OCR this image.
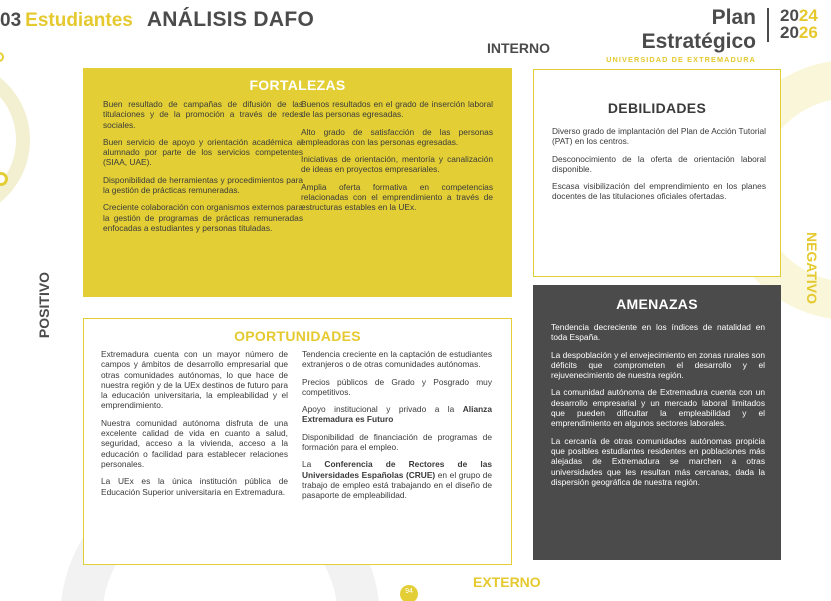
03 Estudiantes ANÁLISIS DAFO	Plan Estratégico
UNIVERSIDAD DE EXTREMADURA
2024
2026
INTERNO
EXTERNO
POSITIVO
NEGATIVO
FORTALEZAS

Buen resultado de campañas de difusión de las titulaciones y de la promoción a través de redes sociales.

Buen servicio de apoyo y orientación académica al alumnado por parte de los servicios competentes (SIAA, UAE).

Disponibilidad de herramientas y procedimientos para la gestión de prácticas remuneradas.

Creciente colaboración con organismos externos para la gestión de programas de prácticas remuneradas enfocadas a estudiantes y personas tituladas.

Buenos resultados en el grado de inserción laboral de las personas egresadas.

Alto grado de satisfacción de las personas empleadoras con las personas egresadas.

Iniciativas de orientación, mentoría y canalización de ideas en proyectos empresariales.

Amplia oferta formativa en competencias relacionadas con el emprendimiento a través de estructuras estables en la UEx.

DEBILIDADES

Diverso grado de implantación del Plan de Acción Tutorial (PAT) en los centros.

Desconocimiento de la oferta de orientación laboral disponible.

Escasa visibilización del emprendimiento en los planes docentes de las titulaciones oficiales ofertadas.

OPORTUNIDADES

Extremadura cuenta con un mayor número de campos y ámbitos de desarrollo empresarial que otras comunidades autónomas, lo que hace de nuestra región y de la UEx destinos de futuro para la educación universitaria, la empleabilidad y el emprendimiento.

Nuestra comunidad autónoma disfruta de una excelente calidad de vida en cuanto a salud, seguridad, acceso a la vivienda, acceso a la educación o facilidad para establecer relaciones personales.

La UEx es la única institución pública de Educación Superior universitaria en Extremadura.

Tendencia creciente en la captación de estudiantes extranjeros o de otras comunidades autónomas.

Precios públicos de Grado y Posgrado muy competitivos.

Apoyo institucional y privado a la Alianza Extremadura es Futuro

Disponibilidad de financiación de programas de formación para el empleo.

La Conferencia de Rectores de las Universidades Españolas (CRUE) en el grupo de trabajo de empleo está trabajando en el diseño de pasaporte de empleabilidad.

AMENAZAS

Tendencia decreciente en los índices de natalidad en toda España.

La despoblación y el envejecimiento en zonas rurales son déficits que comprometen el desarrollo y el rejuvenecimiento de nuestra región.

La comunidad autónoma de Extremadura cuenta con un desarrollo empresarial y un mercado laboral limitados que pueden dificultar la empleabilidad y el emprendimiento en algunos sectores laborales.

La cercanía de otras comunidades autónomas propicia que posibles estudiantes residentes en poblaciones más alejadas de Extremadura se marchen a otras universidades que les resultan más cercanas, dada la dispersión geográfica de nuestra región.

94
